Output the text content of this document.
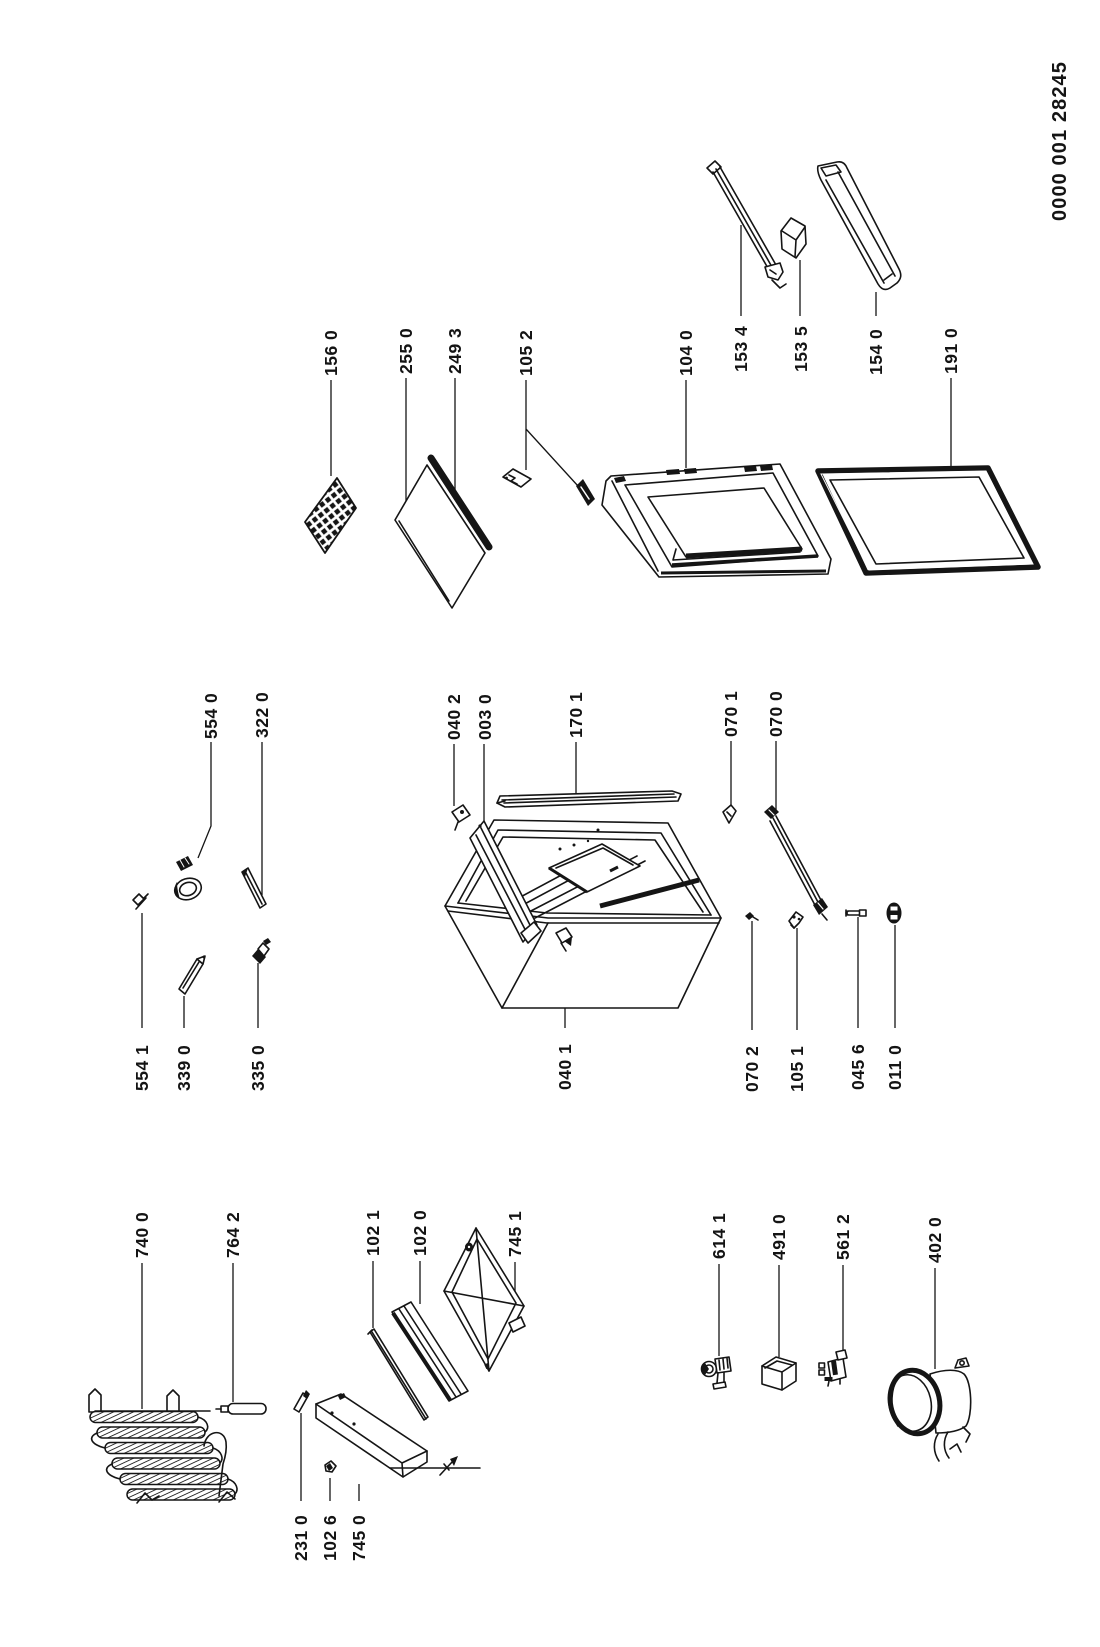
0000 001 28245
156 0	255 0 249 3	105 2	104 0 153 4 153 5	154 0	191 0
554 0 322 0	040 2 003 0	170 1	070 1 070 0
554 1 339 0	335 0	040 1	070 2 105 1 045 6 011 0
740 0	764 2	102 1 102 0	745 1	614 1 491 0	561 2	402 0
231 0 102 6 745 0
